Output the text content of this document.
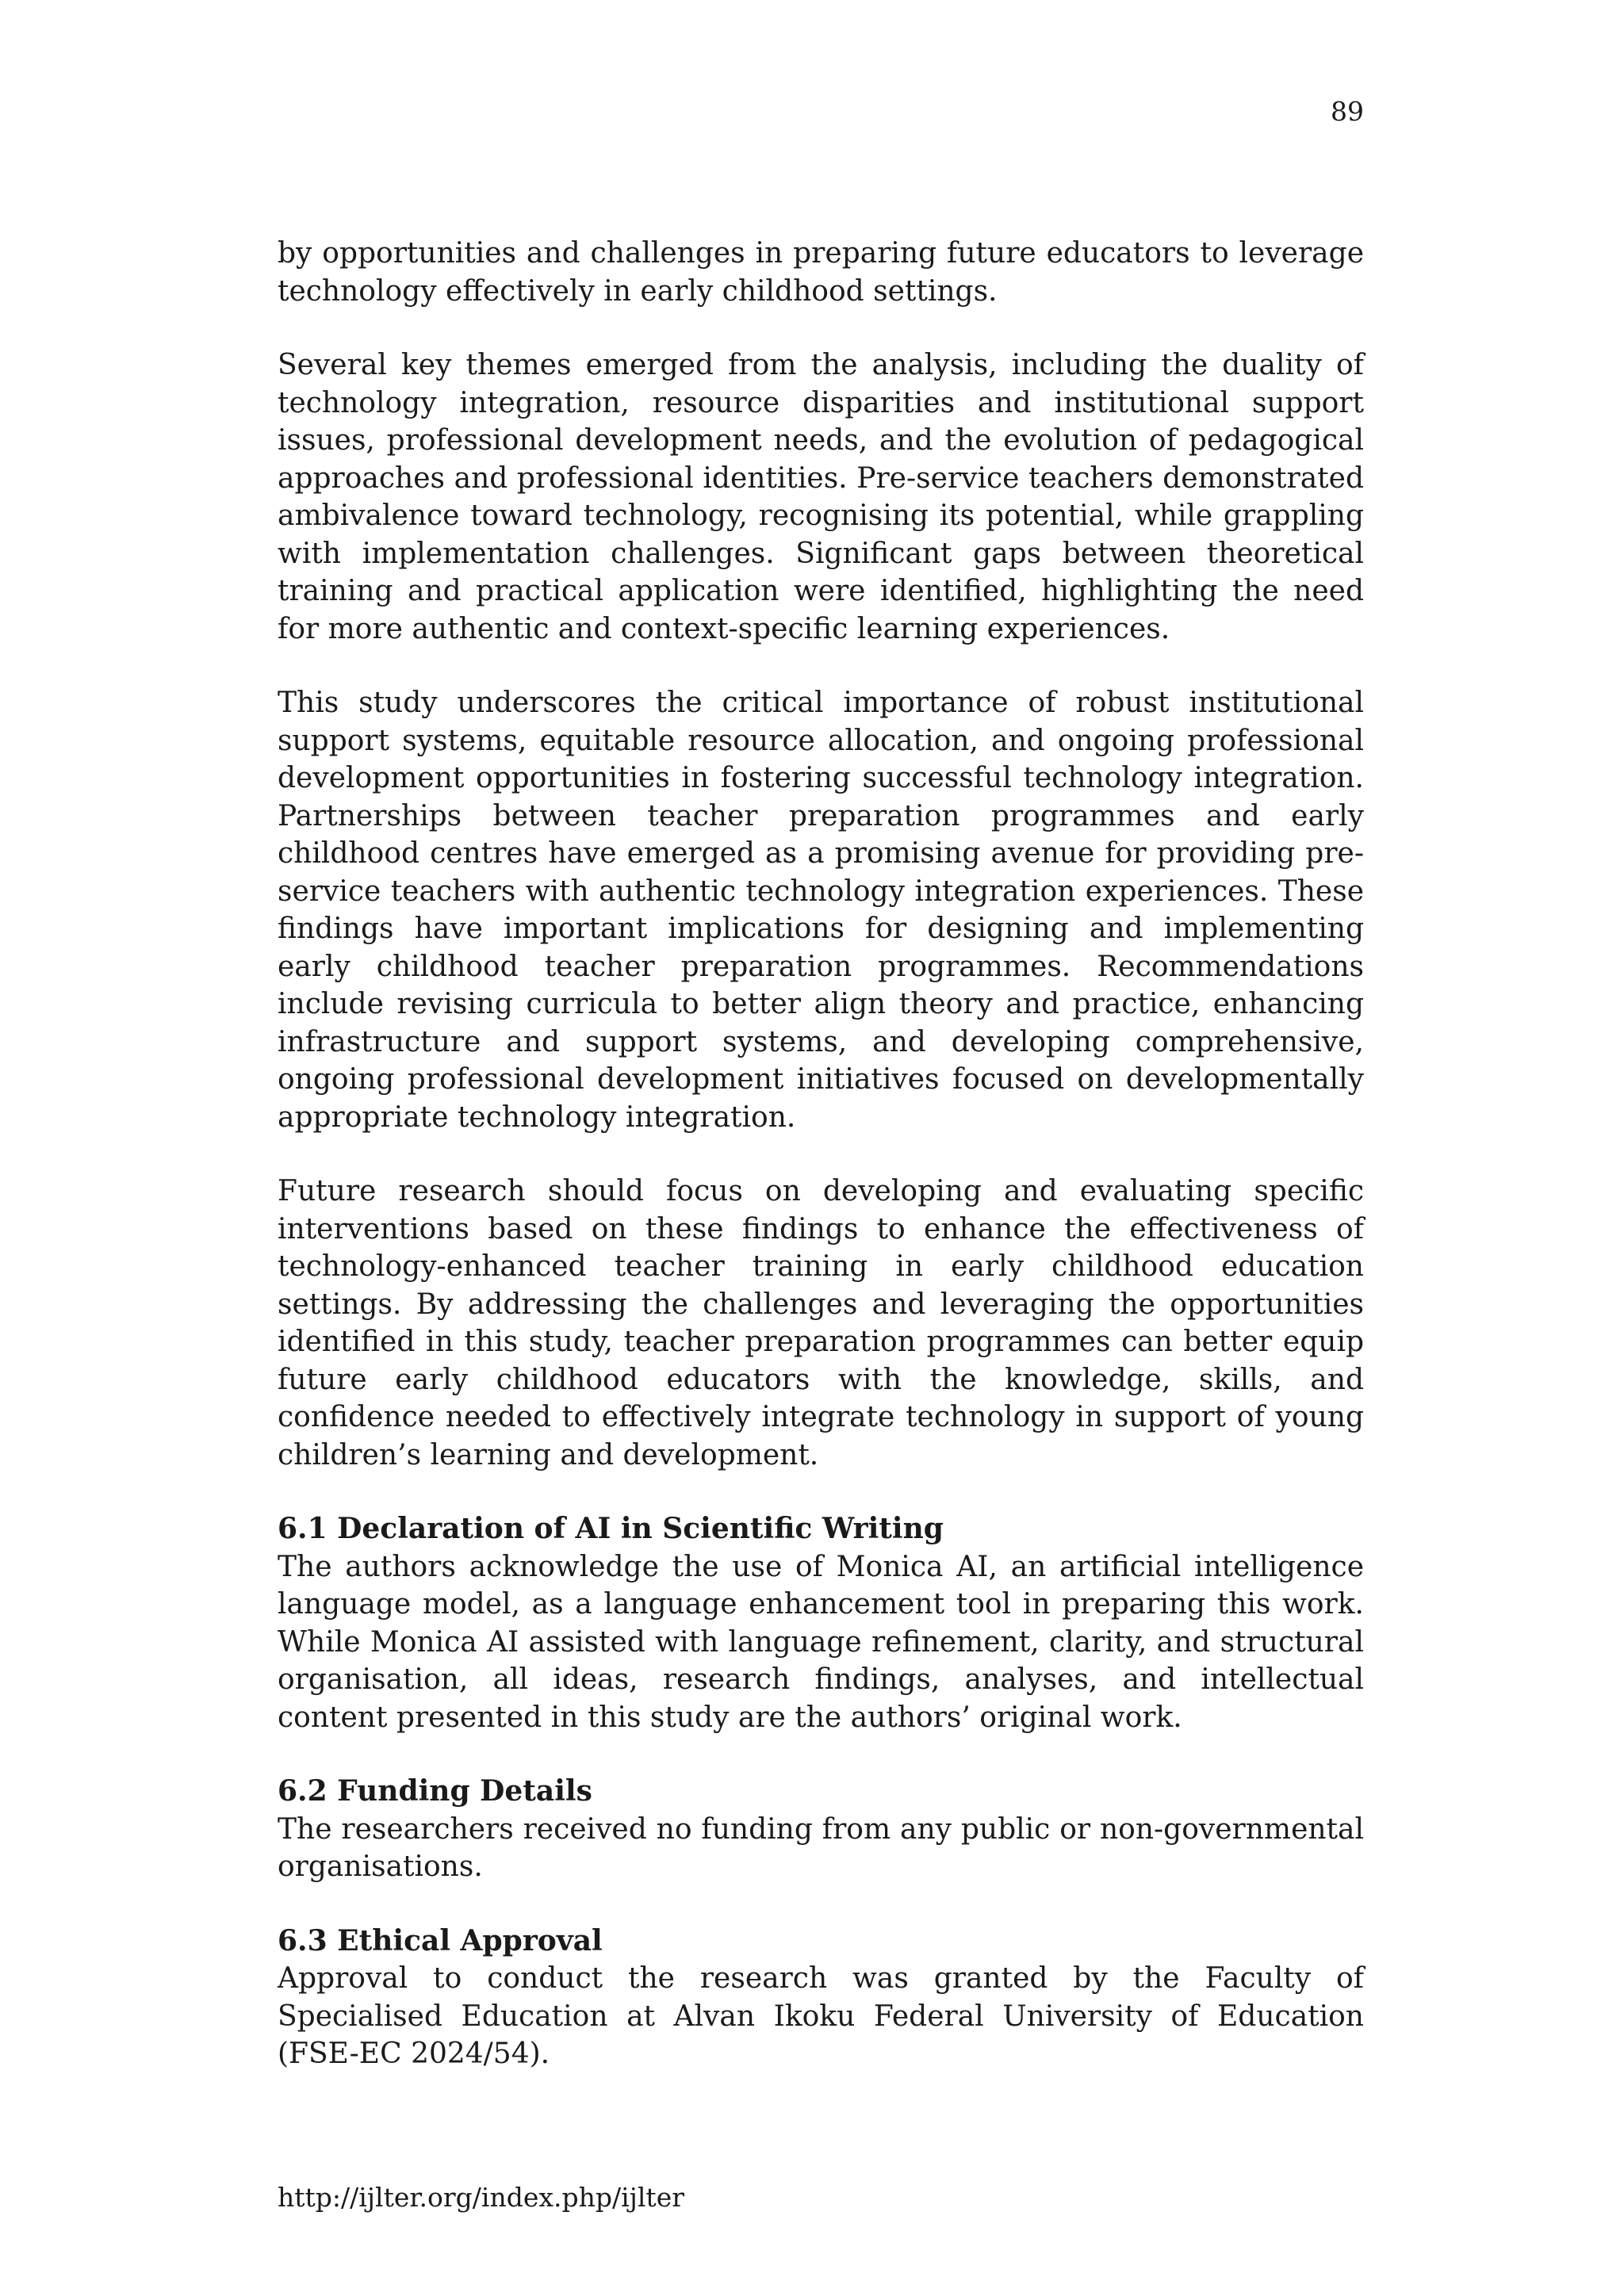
89

by opportunities and challenges in preparing future educators to leverage technology effectively in early childhood settings.

Several key themes emerged from the analysis, including the duality of technology integration, resource disparities and institutional support issues, professional development needs, and the evolution of pedagogical approaches and professional identities. Pre-service teachers demonstrated ambivalence toward technology, recognising its potential, while grappling with implementation challenges. Significant gaps between theoretical training and practical application were identified, highlighting the need for more authentic and context-specific learning experiences.

This study underscores the critical importance of robust institutional support systems, equitable resource allocation, and ongoing professional development opportunities in fostering successful technology integration. Partnerships between teacher preparation programmes and early childhood centres have emerged as a promising avenue for providing pre-service teachers with authentic technology integration experiences. These findings have important implications for designing and implementing early childhood teacher preparation programmes. Recommendations include revising curricula to better align theory and practice, enhancing infrastructure and support systems, and developing comprehensive, ongoing professional development initiatives focused on developmentally appropriate technology integration.

Future research should focus on developing and evaluating specific interventions based on these findings to enhance the effectiveness of technology-enhanced teacher training in early childhood education settings. By addressing the challenges and leveraging the opportunities identified in this study, teacher preparation programmes can better equip future early childhood educators with the knowledge, skills, and confidence needed to effectively integrate technology in support of young children’s learning and development.

6.1 Declaration of AI in Scientific Writing

The authors acknowledge the use of Monica AI, an artificial intelligence language model, as a language enhancement tool in preparing this work. While Monica AI assisted with language refinement, clarity, and structural organisation, all ideas, research findings, analyses, and intellectual content presented in this study are the authors’ original work.

6.2 Funding Details

The researchers received no funding from any public or non-governmental organisations.

6.3 Ethical Approval

Approval to conduct the research was granted by the Faculty of Specialised Education at Alvan Ikoku Federal University of Education (FSE-EC 2024/54).

http://ijlter.org/index.php/ijlter
